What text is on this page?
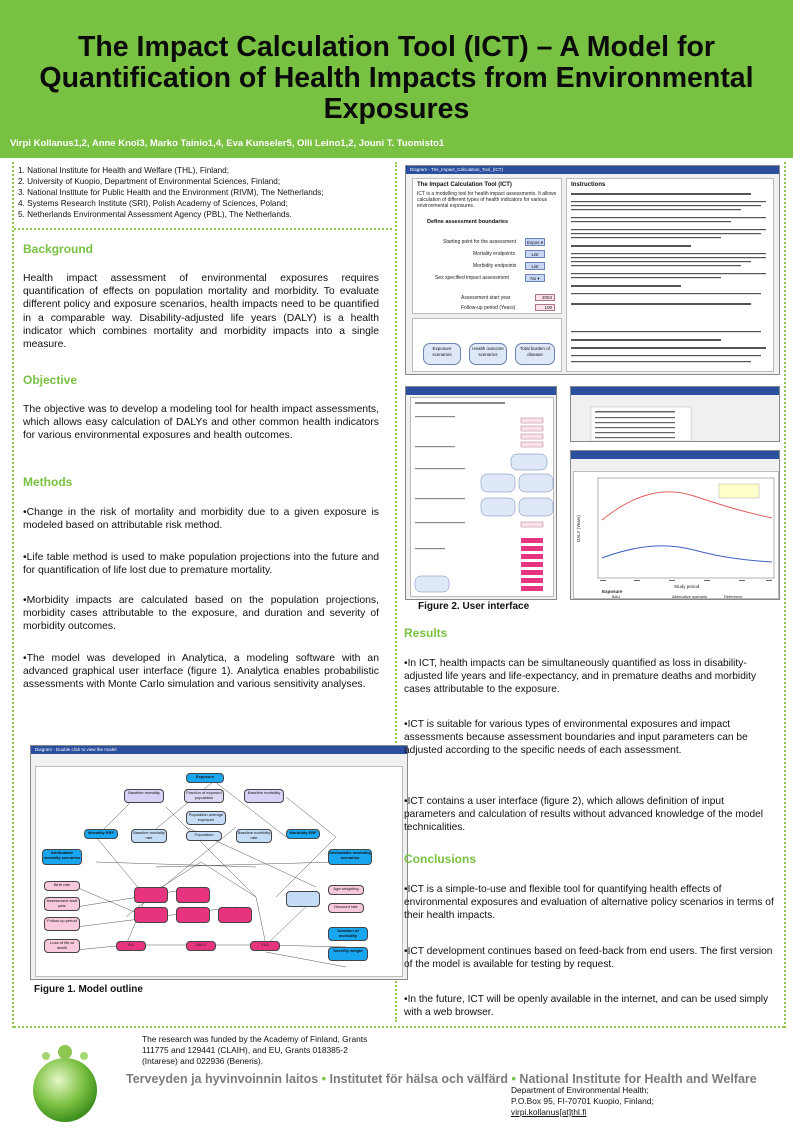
The Impact Calculation Tool (ICT) – A Model for Quantification of Health Impacts from Environmental Exposures
Virpi Kollanus1,2, Anne Knol3, Marko Tainio1,4, Eva Kunseler5, Olli Leino1,2, Jouni T. Tuomisto1
1. National Institute for Health and Welfare (THL), Finland;
2. University of Kuopio, Department of Environmental Sciences, Finland;
3. National Institute for Public Health and the Environment (RIVM), The Netherlands;
4. Systems Research Institute (SRI), Polish Academy of Sciences, Poland;
5. Netherlands Environmental Assessment Agency (PBL), The Netherlands.
Background
Health impact assessment of environmental exposures requires quantification of effects on population mortality and morbidity. To evaluate different policy and exposure scenarios, health impacts need to be quantified in a comparable way. Disability-adjusted life years (DALY) is a health indicator which combines mortality and morbidity impacts into a single measure.
Objective
The objective was to develop a modeling tool for health impact assessments, which allows easy calculation of DALYs and other common health indicators for various environmental exposures and health outcomes.
Methods
•Change in the risk of mortality and morbidity due to a given exposure is modeled based on attributable risk method.
•Life table method is used to make population projections into the future and for quantification of life lost due to premature mortality.
•Morbidity impacts are calculated based on the population projections, morbidity cases attributable to the exposure, and duration and severity of morbidity outcomes.
•The model was developed in Analytica, a modeling software with an advanced graphical user interface (figure 1). Analytica enables probabilistic assessments with Monte Carlo simulation and various sensitivity analyses.
Diagram - Double click to view the model
Exposure
Baseline mortality	Fraction of exposed population
Baseline morbidity
Mortality ERF
Population average exposure
Morbidity ERF
Attributable mortality scenarios
Baseline mortality rate
Population	Baseline morbidity rate
Attributable morbidity scenarios
Birth rate
Assessment start year
Follow-up period
Loss of life at death
Age weighting
Discount rate
YLL	DALY	YLD
Duration of morbidity
Severity weight
Figure 1. Model outline
Diagram - The_Impact_Calculation_Tool_(ICT)
The Impact Calculation Tool (ICT)
ICT is a modelling tool for health impact assessments. It allows calculation of different types of health indicators for various environmental exposures.
Define assessment boundaries
Starting point for the assessment	Expos ▾
Mortality endpoints	List
Morbidity endpoints	List
Sex specified impact assessment	No ▾
Assessment start year	2004
Follow-up period (Years)	100
Exposure scenarios
Health outcome scenarios
Total burden of disease
Instructions
DALY (Years)
Study period
Exposure
BAU	Alternative scenario	Reference
Figure 2. User interface
Results
•In ICT, health impacts can be simultaneously quantified as loss in disability-adjusted life years and life-expectancy, and in premature deaths and morbidity cases attributable to the exposure.
•ICT is suitable for various types of environmental exposures and impact assessments because assessment boundaries and input parameters can be adjusted according to the specific needs of each assessment.
•ICT contains a user interface (figure 2), which allows definition of input parameters and calculation of results without advanced knowledge of the model technicalities.
Conclusions
•ICT is a simple-to-use and flexible tool for quantifying health effects of environmental exposures and evaluation of alternative policy scenarios in terms of their health impacts.
•ICT development continues based on feed-back from end users. The first version of the model is available for testing by request.
•In the future, ICT will be openly available in the internet, and can be used simply with a web browser.
The research was funded by the Academy of Finland, Grants 111775 and 129441 (CLAIH), and EU, Grants 018385-2 (Intarese) and 022936 (Beneris).
Terveyden ja hyvinvoinnin laitos • Institutet för hälsa och välfärd • National Institute for Health and Welfare
Department of Environmental Health;
P.O.Box 95, FI-70701 Kuopio, Finland;
virpi.kollanus[at]thl.fi
